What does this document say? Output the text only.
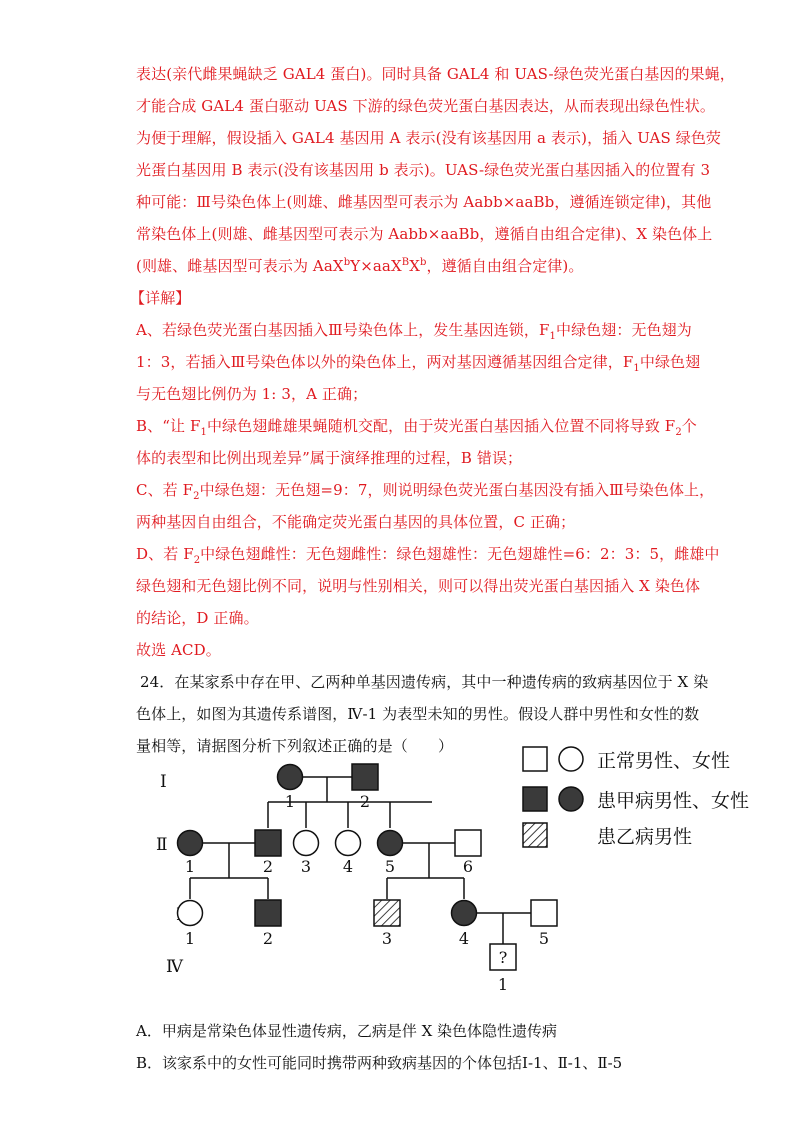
表达(亲代雌果蝇缺乏 GAL4 蛋白)。同时具备 GAL4 和 UAS-绿色荧光蛋白基因的果蝇，
才能合成 GAL4 蛋白驱动 UAS 下游的绿色荧光蛋白基因表达，从而表现出绿色性状。
为便于理解，假设插入 GAL4 基因用 A 表示(没有该基因用 a 表示)，插入 UAS 绿色荧
光蛋白基因用 B 表示(没有该基因用 b 表示)。UAS-绿色荧光蛋白基因插入的位置有 3
种可能：Ⅲ号染色体上(则雄、雌基因型可表示为 Aabb×aaBb，遵循连锁定律)，其他
常染色体上(则雄、雌基因型可表示为 Aabb×aaBb，遵循自由组合定律)、X 染色体上
(则雄、雌基因型可表示为 $AaX^bY\times aaX^BX^b$，遵循自由组合定律)。
【详解】
A、若绿色荧光蛋白基因插入Ⅲ号染色体上，发生基因连锁，$F_1$中绿色翅：无色翅为
1：3，若插入Ⅲ号染色体以外的染色体上，两对基因遵循基因组合定律，$F_1$中绿色翅
与无色翅比例仍为 1: 3，A 正确；
B、“让 $F_1$中绿色翅雌雄果蝇随机交配，由于荧光蛋白基因插入位置不同将导致 $F_2$个
体的表型和比例出现差异”属于演绎推理的过程，B 错误；
C、若 $F_2$中绿色翅：无色翅=9：7，则说明绿色荧光蛋白基因没有插入Ⅲ号染色体上，
两种基因自由组合，不能确定荧光蛋白基因的具体位置，C 正确；
D、若 $F_2$中绿色翅雌性：无色翅雌性：绿色翅雄性：无色翅雄性=6：2：3：5，雌雄中
绿色翅和无色翅比例不同，说明与性别相关，则可以得出荧光蛋白基因插入 X 染色体
的结论，D 正确。
故选 ACD。
24．在某家系中存在甲、乙两种单基因遗传病，其中一种遗传病的致病基因位于 X 染
色体上，如图为其遗传系谱图，Ⅳ-1 为表型未知的男性。假设人群中男性和女性的数
量相等，请据图分析下列叙述正确的是（　　）
Ⅰ
Ⅱ
Ⅳ	?
1	2
1	2 3 4 5	6
1	2	3	4	5
1
正常男性、女性
患甲病男性、女性
患乙病男性
A．甲病是常染色体显性遗传病，乙病是伴 X 染色体隐性遗传病
B．该家系中的女性可能同时携带两种致病基因的个体包括Ⅰ-1、Ⅱ-1、Ⅱ-5
